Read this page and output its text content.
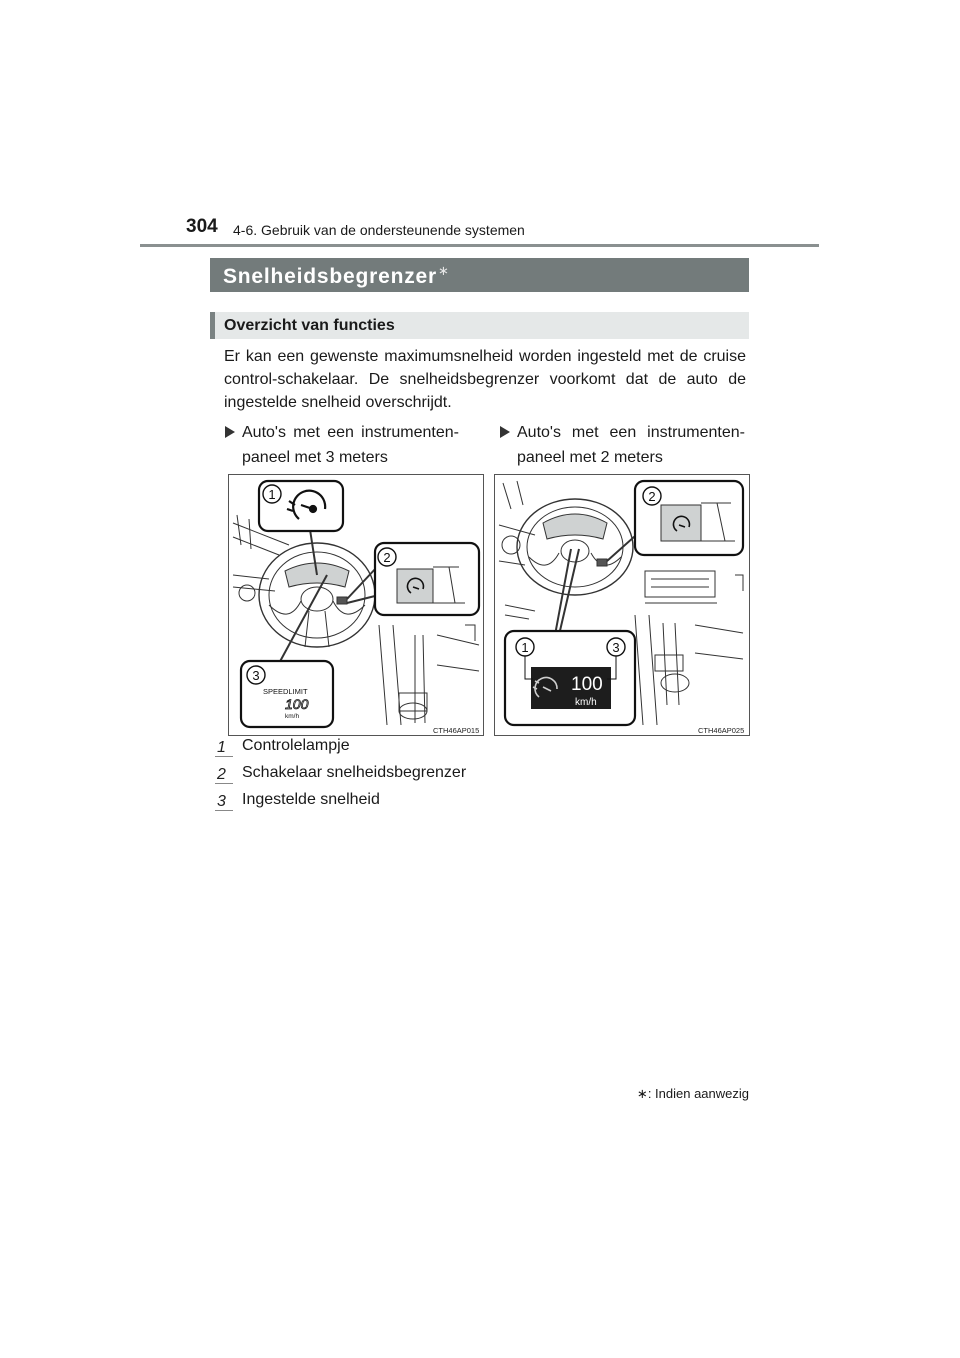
304 4-6. Gebruik van de ondersteunende systemen
Snelheidsbegrenzer∗
Overzicht van functies

Er kan een gewenste maximumsnelheid worden ingesteld met de cruise control-schakelaar. De snelheidsbegrenzer voorkomt dat de auto de ingestelde snelheid overschrijdt.

Auto's met een instrumenten-paneel met 3 meters
Auto's met een instrumenten-paneel met 2 meters
1
2
3
SPEEDLIMIT
100
km/h
CTH46AP015
2
1	3
100
km/h
CTH46AP025
1	Controlelampje
2	Schakelaar snelheidsbegrenzer
3	Ingestelde snelheid
∗: Indien aanwezig
